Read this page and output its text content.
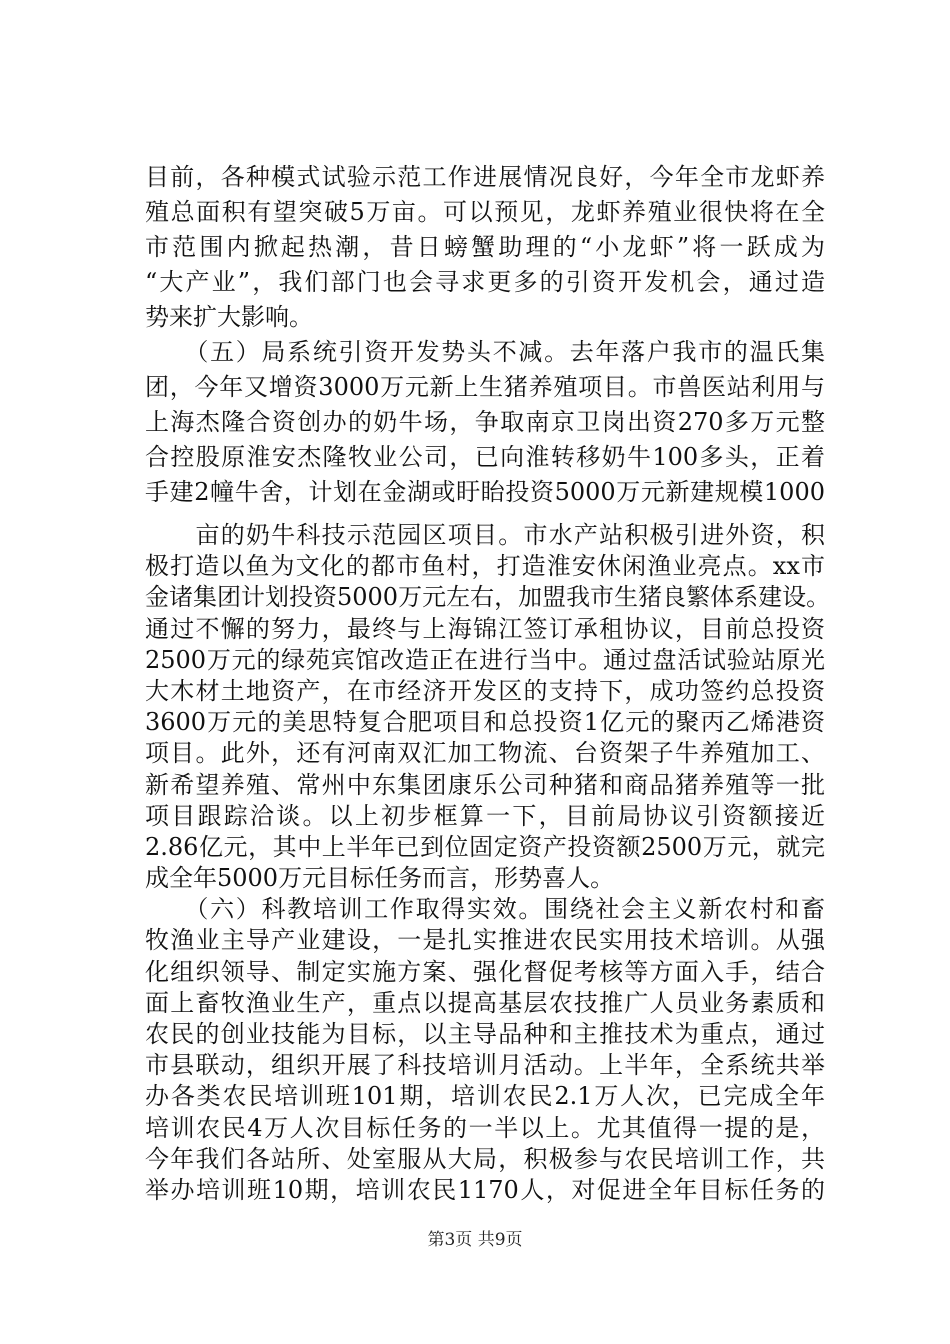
目前，各种模式试验示范工作进展情况良好，今年全市龙虾养
殖总面积有望突破5万亩。可以预见，龙虾养殖业很快将在全
市范围内掀起热潮，昔日螃蟹助理的“小龙虾”将一跃成为
“大产业”，我们部门也会寻求更多的引资开发机会，通过造
势来扩大影响。
　　（五）局系统引资开发势头不减。去年落户我市的温氏集
团，今年又增资3000万元新上生猪养殖项目。市兽医站利用与
上海杰隆合资创办的奶牛场，争取南京卫岗出资270多万元整
合控股原淮安杰隆牧业公司，已向淮转移奶牛100多头，正着
手建2幢牛舍，计划在金湖或盱眙投资5000万元新建规模1000
　　亩的奶牛科技示范园区项目。市水产站积极引进外资，积
极打造以鱼为文化的都市鱼村，打造淮安休闲渔业亮点。xx市
金诸集团计划投资5000万元左右，加盟我市生猪良繁体系建设。
通过不懈的努力，最终与上海锦江签订承租协议，目前总投资
2500万元的绿苑宾馆改造正在进行当中。通过盘活试验站原光
大木材土地资产，在市经济开发区的支持下，成功签约总投资
3600万元的美思特复合肥项目和总投资1亿元的聚丙乙烯港资
项目。此外，还有河南双汇加工物流、台资架子牛养殖加工、
新希望养殖、常州中东集团康乐公司种猪和商品猪养殖等一批
项目跟踪洽谈。以上初步框算一下，目前局协议引资额接近
2.86亿元，其中上半年已到位固定资产投资额2500万元，就完
成全年5000万元目标任务而言，形势喜人。
　　（六）科教培训工作取得实效。围绕社会主义新农村和畜
牧渔业主导产业建设，一是扎实推进农民实用技术培训。从强
第3页 共9页
化组织领导、制定实施方案、强化督促考核等方面入手，结合
面上畜牧渔业生产，重点以提高基层农技推广人员业务素质和
农民的创业技能为目标，以主导品种和主推技术为重点，通过
市县联动，组织开展了科技培训月活动。上半年，全系统共举
办各类农民培训班101期，培训农民2.1万人次，已完成全年
培训农民4万人次目标任务的一半以上。尤其值得一提的是，
今年我们各站所、处室服从大局，积极参与农民培训工作，共
举办培训班10期，培训农民1170人，对促进全年目标任务的
